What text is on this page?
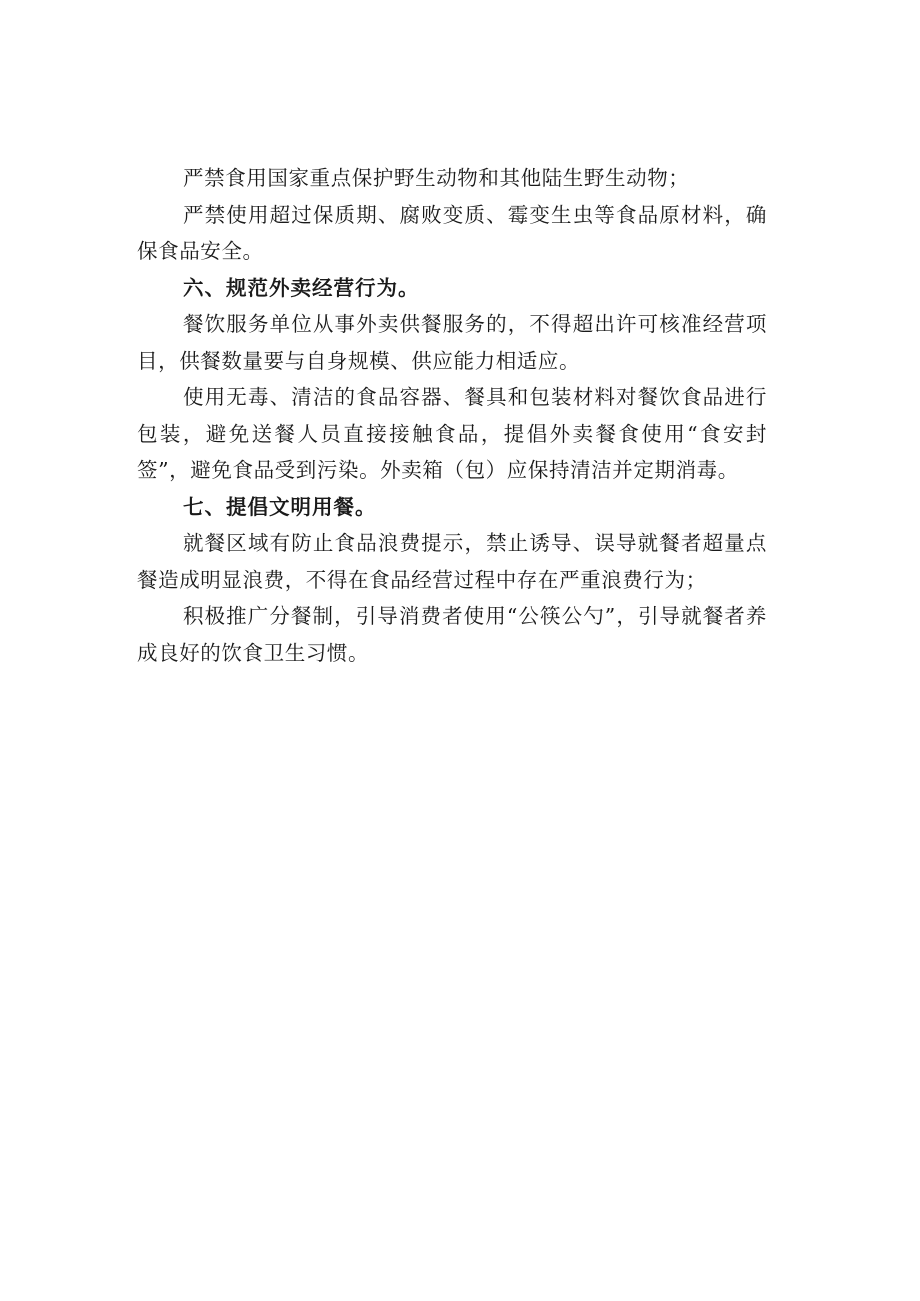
严禁食用国家重点保护野生动物和其他陆生野生动物；

严禁使用超过保质期、腐败变质、霉变生虫等食品原材料，确保食品安全。

六、规范外卖经营行为。

餐饮服务单位从事外卖供餐服务的，不得超出许可核准经营项目，供餐数量要与自身规模、供应能力相适应。

使用无毒、清洁的食品容器、餐具和包装材料对餐饮食品进行包装，避免送餐人员直接接触食品，提倡外卖餐食使用“食安封签”，避免食品受到污染。外卖箱（包）应保持清洁并定期消毒。

七、提倡文明用餐。

就餐区域有防止食品浪费提示，禁止诱导、误导就餐者超量点餐造成明显浪费，不得在食品经营过程中存在严重浪费行为；

积极推广分餐制，引导消费者使用“公筷公勺”，引导就餐者养成良好的饮食卫生习惯。
